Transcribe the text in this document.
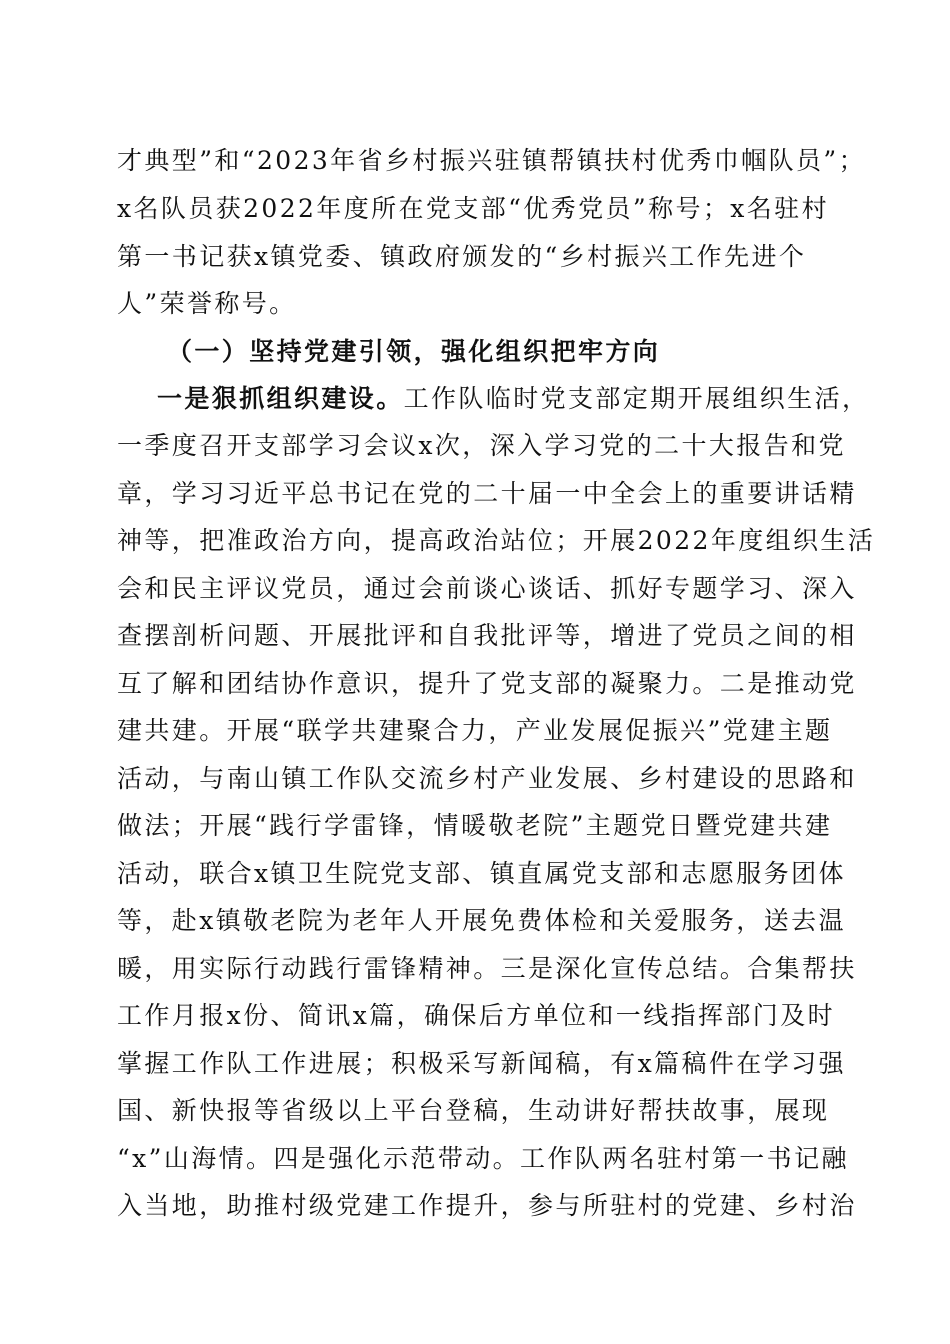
才典型”和“2023年省乡村振兴驻镇帮镇扶村优秀巾帼队员”；
x名队员获2022年度所在党支部“优秀党员”称号；x名驻村
第一书记获x镇党委、镇政府颁发的“乡村振兴工作先进个
人”荣誉称号。
（一）坚持党建引领，强化组织把牢方向
一是狠抓组织建设。工作队临时党支部定期开展组织生活，
一季度召开支部学习会议x次，深入学习党的二十大报告和党
章，学习习近平总书记在党的二十届一中全会上的重要讲话精
神等，把准政治方向，提高政治站位；开展2022年度组织生活
会和民主评议党员，通过会前谈心谈话、抓好专题学习、深入
查摆剖析问题、开展批评和自我批评等，增进了党员之间的相
互了解和团结协作意识，提升了党支部的凝聚力。二是推动党
建共建。开展“联学共建聚合力，产业发展促振兴”党建主题
活动，与南山镇工作队交流乡村产业发展、乡村建设的思路和
做法；开展“践行学雷锋，情暖敬老院”主题党日暨党建共建
活动，联合x镇卫生院党支部、镇直属党支部和志愿服务团体
等，赴x镇敬老院为老年人开展免费体检和关爱服务，送去温
暖，用实际行动践行雷锋精神。三是深化宣传总结。合集帮扶
工作月报x份、简讯x篇，确保后方单位和一线指挥部门及时
掌握工作队工作进展；积极采写新闻稿，有x篇稿件在学习强
国、新快报等省级以上平台登稿，生动讲好帮扶故事，展现
“x”山海情。四是强化示范带动。工作队两名驻村第一书记融
入当地，助推村级党建工作提升，参与所驻村的党建、乡村治
